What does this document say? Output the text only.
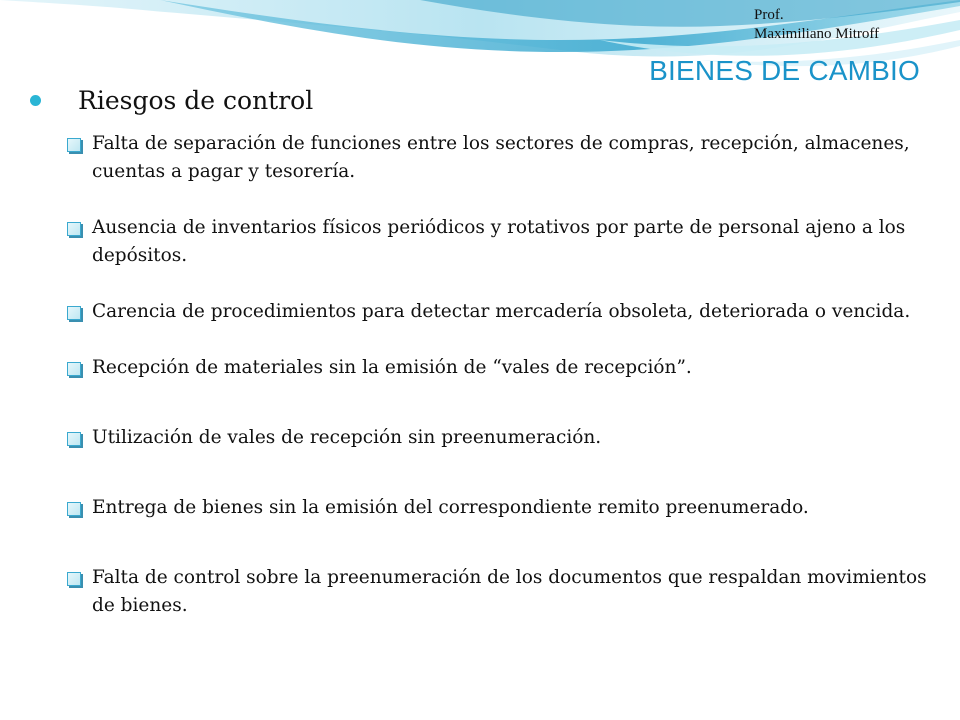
Prof.
Maximiliano Mitroff
BIENES DE CAMBIO
Riesgos de control
Falta de separación de funciones entre los sectores de compras, recepción, almacenes, cuentas a pagar y tesorería.
Ausencia de inventarios físicos periódicos y rotativos por parte de personal ajeno a los depósitos.
Carencia de procedimientos para detectar mercadería obsoleta, deteriorada o vencida.
Recepción de materiales sin la emisión de “vales de recepción”.
Utilización de vales de recepción sin preenumeración.
Entrega de bienes sin la emisión del correspondiente remito preenumerado.
Falta de control sobre la preenumeración de los documentos que respaldan movimientos de bienes.
